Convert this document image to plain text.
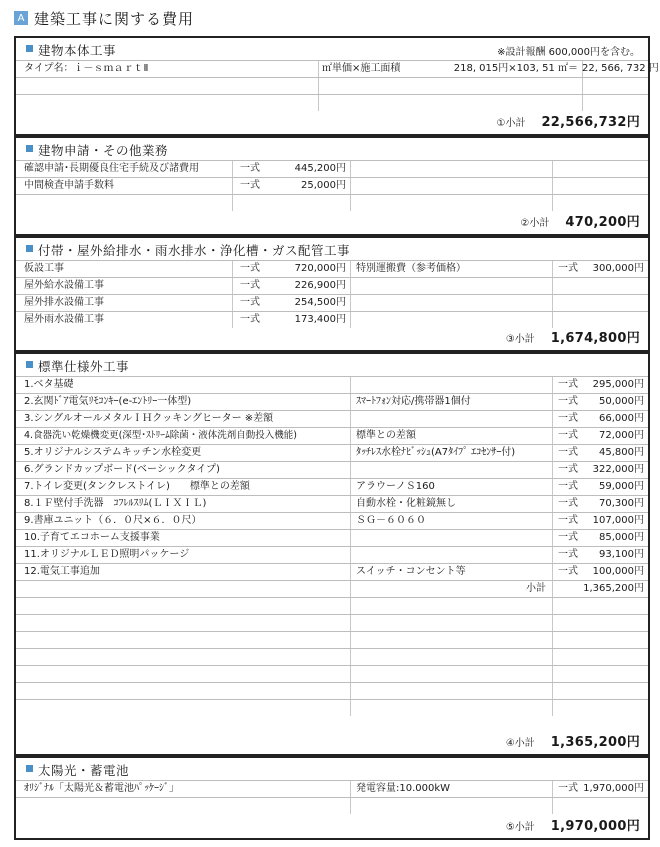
A 建築工事に関する費用
建物本体工事	※設計報酬 600,000円を含む。
タイプ名：ｉ－ｓｍａｒｔⅡ	㎡単価×施工面積	218, 015円×103, 51 ㎡＝ 22, 566, 732 円
①小計 22,566,732円
建物申請・その他業務
確認申請･長期優良住宅手続及び諸費用	一式	445,200円
中間検査申請手数料	一式	25,000円
②小計 470,200円
付帯・屋外給排水・雨水排水・浄化槽・ガス配管工事
仮設工事	一式	720,000円 特別運搬費（参考価格）	一式	300,000円
屋外給水設備工事	一式	226,900円
屋外排水設備工事	一式	254,500円
屋外雨水設備工事	一式	173,400円
③小計 1,674,800円
標準仕様外工事
1.ベタ基礎	一式	295,000円
2.玄関ﾄﾞｱ電気ﾘﾓｺﾝｷｰ(e-ｴﾝﾄﾘｰ一体型)	ｽﾏｰﾄﾌｫﾝ対応/携帯器1個付	一式	50,000円
3.シングルオールメタルＩＨクッキングヒーター ※差額	一式	66,000円
4.食器洗い乾燥機変更(深型･ｽﾄﾘｰﾑ除菌・液体洗剤自動投入機能)	標準との差額	一式	72,000円
5.オリジナルシステムキッチン水栓変更	ﾀｯﾁﾚｽ水栓ﾅﾋﾞｯｼｭ(A7ﾀｲﾌﾟ ｴｺｾﾝｻｰ付)	一式	45,800円
6.グランドカップボード(ベーシックタイプ)	一式	322,000円
7.トイレ変更(タンクレストイレ)　　標準との差額	アラウーノＳ160	一式	59,000円
8.１Ｆ壁付手洗器　ｺﾌﾚﾙｽﾘﾑ(ＬＩＸＩＬ)	自動水栓・化粧鏡無し	一式	70,300円
9.書庫ユニット（６．０尺×６．０尺）	ＳＧ－６０６０	一式	107,000円
10.子育てエコホーム支援事業	一式	85,000円
11.オリジナルＬＥＤ照明パッケージ	一式	93,100円
12.電気工事追加	スイッチ・コンセント等	一式	100,000円
小計	1,365,200円
④小計 1,365,200円
太陽光・蓄電池
ｵﾘｼﾞﾅﾙ「太陽光＆蓄電池ﾊﾟｯｹｰｼﾞ」	発電容量:10.000kW	一式 1,970,000円
⑤小計 1,970,000円
